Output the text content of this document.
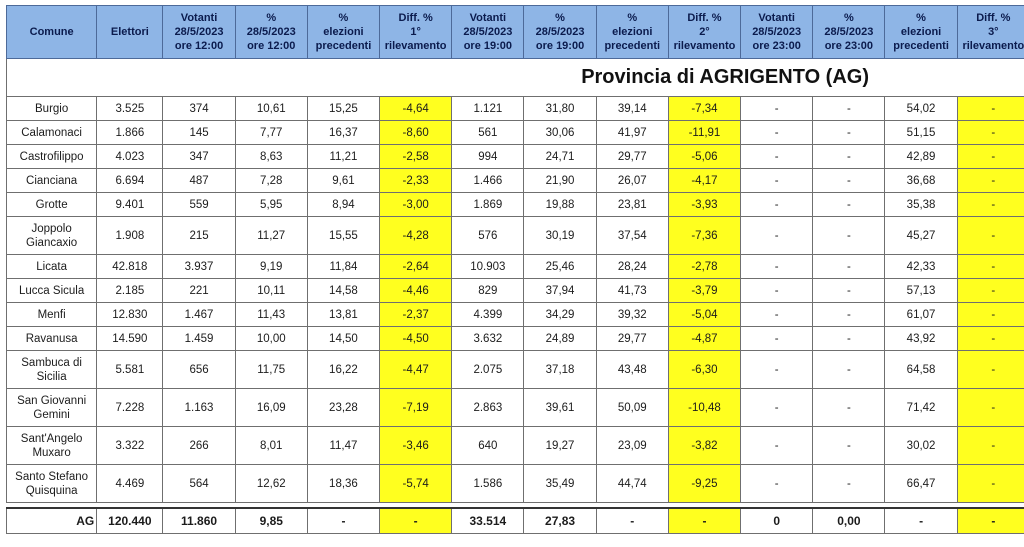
Comune	Elettori	Votanti
28/5/2023
ore 12:00	%
28/5/2023
ore 12:00	%
elezioni
precedenti	Diff. %
1°
rilevamento	Votanti
28/5/2023
ore 19:00	%
28/5/2023
ore 19:00	%
elezioni
precedenti	Diff. %
2°
rilevamento	Votanti
28/5/2023
ore 23:00	%
28/5/2023
ore 23:00	%
elezioni
precedenti	Diff. %
3°
rilevamento

Provincia di AGRIGENTO (AG)													

Burgio	3.525	374	10,61	15,25	-4,64	1.121	31,80	39,14	-7,34	-	-	54,02	-

Calamonaci	1.866	145	7,77	16,37	-8,60	561	30,06	41,97	-11,91	-	-	51,15	-

Castrofilippo	4.023	347	8,63	11,21	-2,58	994	24,71	29,77	-5,06	-	-	42,89	-

Cianciana	6.694	487	7,28	9,61	-2,33	1.466	21,90	26,07	-4,17	-	-	36,68	-

Grotte	9.401	559	5,95	8,94	-3,00	1.869	19,88	23,81	-3,93	-	-	35,38	-

Joppolo
Giancaxio	1.908	215	11,27	15,55	-4,28	576	30,19	37,54	-7,36	-	-	45,27	-

Licata	42.818	3.937	9,19	11,84	-2,64	10.903	25,46	28,24	-2,78	-	-	42,33	-

Lucca Sicula	2.185	221	10,11	14,58	-4,46	829	37,94	41,73	-3,79	-	-	57,13	-

Menfi	12.830	1.467	11,43	13,81	-2,37	4.399	34,29	39,32	-5,04	-	-	61,07	-

Ravanusa	14.590	1.459	10,00	14,50	-4,50	3.632	24,89	29,77	-4,87	-	-	43,92	-

Sambuca di
Sicilia	5.581	656	11,75	16,22	-4,47	2.075	37,18	43,48	-6,30	-	-	64,58	-

San Giovanni
Gemini	7.228	1.163	16,09	23,28	-7,19	2.863	39,61	50,09	-10,48	-	-	71,42	-

Sant'Angelo
Muxaro	3.322	266	8,01	11,47	-3,46	640	19,27	23,09	-3,82	-	-	30,02	-

Santo Stefano
Quisquina	4.469	564	12,62	18,36	-5,74	1.586	35,49	44,74	-9,25	-	-	66,47	-

AG	120.440	11.860	9,85	-	-	33.514	27,83	-	-	0	0,00	-	-
